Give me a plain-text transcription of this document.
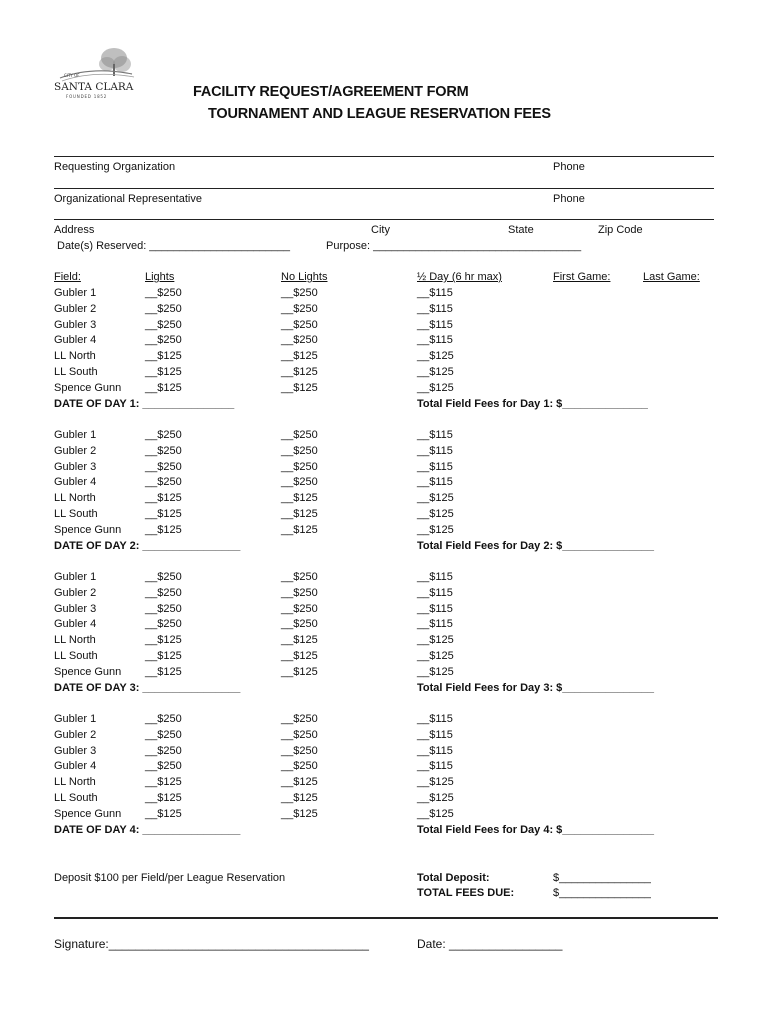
CITY OF
SANTA CLARA
FOUNDED 1852	FACILITY REQUEST/AGREEMENT FORM
TOURNAMENT AND LEAGUE RESERVATION FEES
Requesting Organization	Phone
Organizational Representative	Phone
Address	City	State	Zip Code
Date(s) Reserved: _______________________	Purpose: __________________________________
Field:	Lights	No Lights	½ Day (6 hr max)	First Game:	Last Game:
Gubler 1	__$250	__$250	__$115
Gubler 2	__$250	__$250	__$115
Gubler 3	__$250	__$250	__$115
Gubler 4	__$250	__$250	__$115
LL North	__$125	__$125	__$125
LL South	__$125	__$125	__$125
Spence Gunn __$125	__$125	__$125
DATE OF DAY 1: _______________	Total Field Fees for Day 1: $______________
Gubler 1	__$250	__$250	__$115
Gubler 2	__$250	__$250	__$115
Gubler 3	__$250	__$250	__$115
Gubler 4	__$250	__$250	__$115
LL North	__$125	__$125	__$125
LL South	__$125	__$125	__$125
Spence Gunn __$125	__$125	__$125
DATE OF DAY 2: ________________	Total Field Fees for Day 2: $_______________
Gubler 1	__$250	__$250	__$115
Gubler 2	__$250	__$250	__$115
Gubler 3	__$250	__$250	__$115
Gubler 4	__$250	__$250	__$115
LL North	__$125	__$125	__$125
LL South	__$125	__$125	__$125
Spence Gunn __$125	__$125	__$125
DATE OF DAY 3: ________________	Total Field Fees for Day 3: $_______________
Gubler 1	__$250	__$250	__$115
Gubler 2	__$250	__$250	__$115
Gubler 3	__$250	__$250	__$115
Gubler 4	__$250	__$250	__$115
LL North	__$125	__$125	__$125
LL South	__$125	__$125	__$125
Spence Gunn __$125	__$125	__$125
DATE OF DAY 4: ________________	Total Field Fees for Day 4: $_______________
Deposit $100 per Field/per League Reservation	Total Deposit:	$_______________
TOTAL FEES DUE:	$_______________
Signature:_______________________________________	Date: _________________
